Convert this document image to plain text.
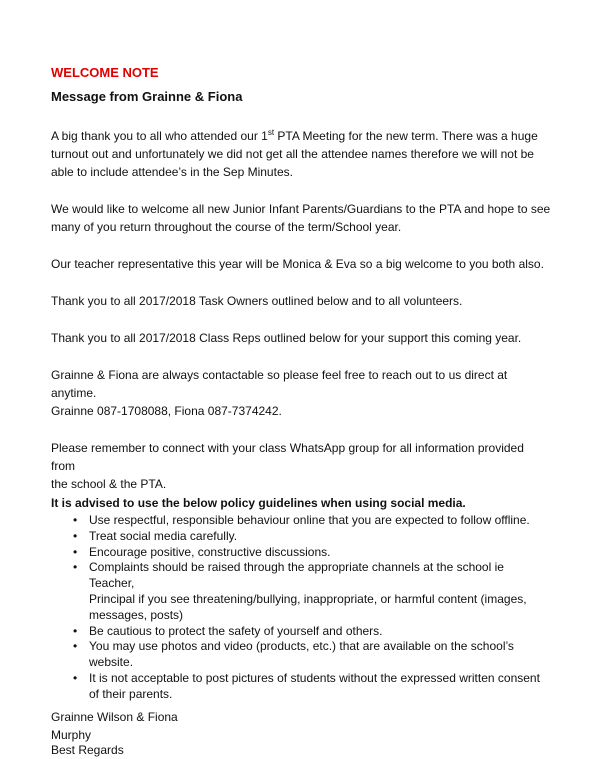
WELCOME NOTE
Message from Grainne & Fiona

A big thank you to all who attended our 1st PTA Meeting for the new term. There was a huge
turnout out and unfortunately we did not get all the attendee names therefore we will not be
able to include attendee’s in the Sep Minutes.

We would like to welcome all new Junior Infant Parents/Guardians to the PTA and hope to see
many of you return throughout the course of the term/School year.

Our teacher representative this year will be Monica & Eva so a big welcome to you both also.

Thank you to all 2017/2018 Task Owners outlined below and to all volunteers.

Thank you to all 2017/2018 Class Reps outlined below for your support this coming year.

Grainne & Fiona are always contactable so please feel free to reach out to us direct at anytime.
Grainne 087-1708088, Fiona 087-7374242.

Please remember to connect with your class WhatsApp group for all information provided from
the school & the PTA.

It is advised to use the below policy guidelines when using social media.

• Use respectful, responsible behaviour online that you are expected to follow offline.
• Treat social media carefully.
• Encourage positive, constructive discussions.
• Complaints should be raised through the appropriate channels at the school ie Teacher,
Principal if you see threatening/bullying, inappropriate, or harmful content (images,
messages, posts)
• Be cautious to protect the safety of yourself and others.
• You may use photos and video (products, etc.) that are available on the school’s
website.
• It is not acceptable to post pictures of students without the expressed written consent
of their parents.

Best Regards

Grainne Wilson & Fiona Murphy
